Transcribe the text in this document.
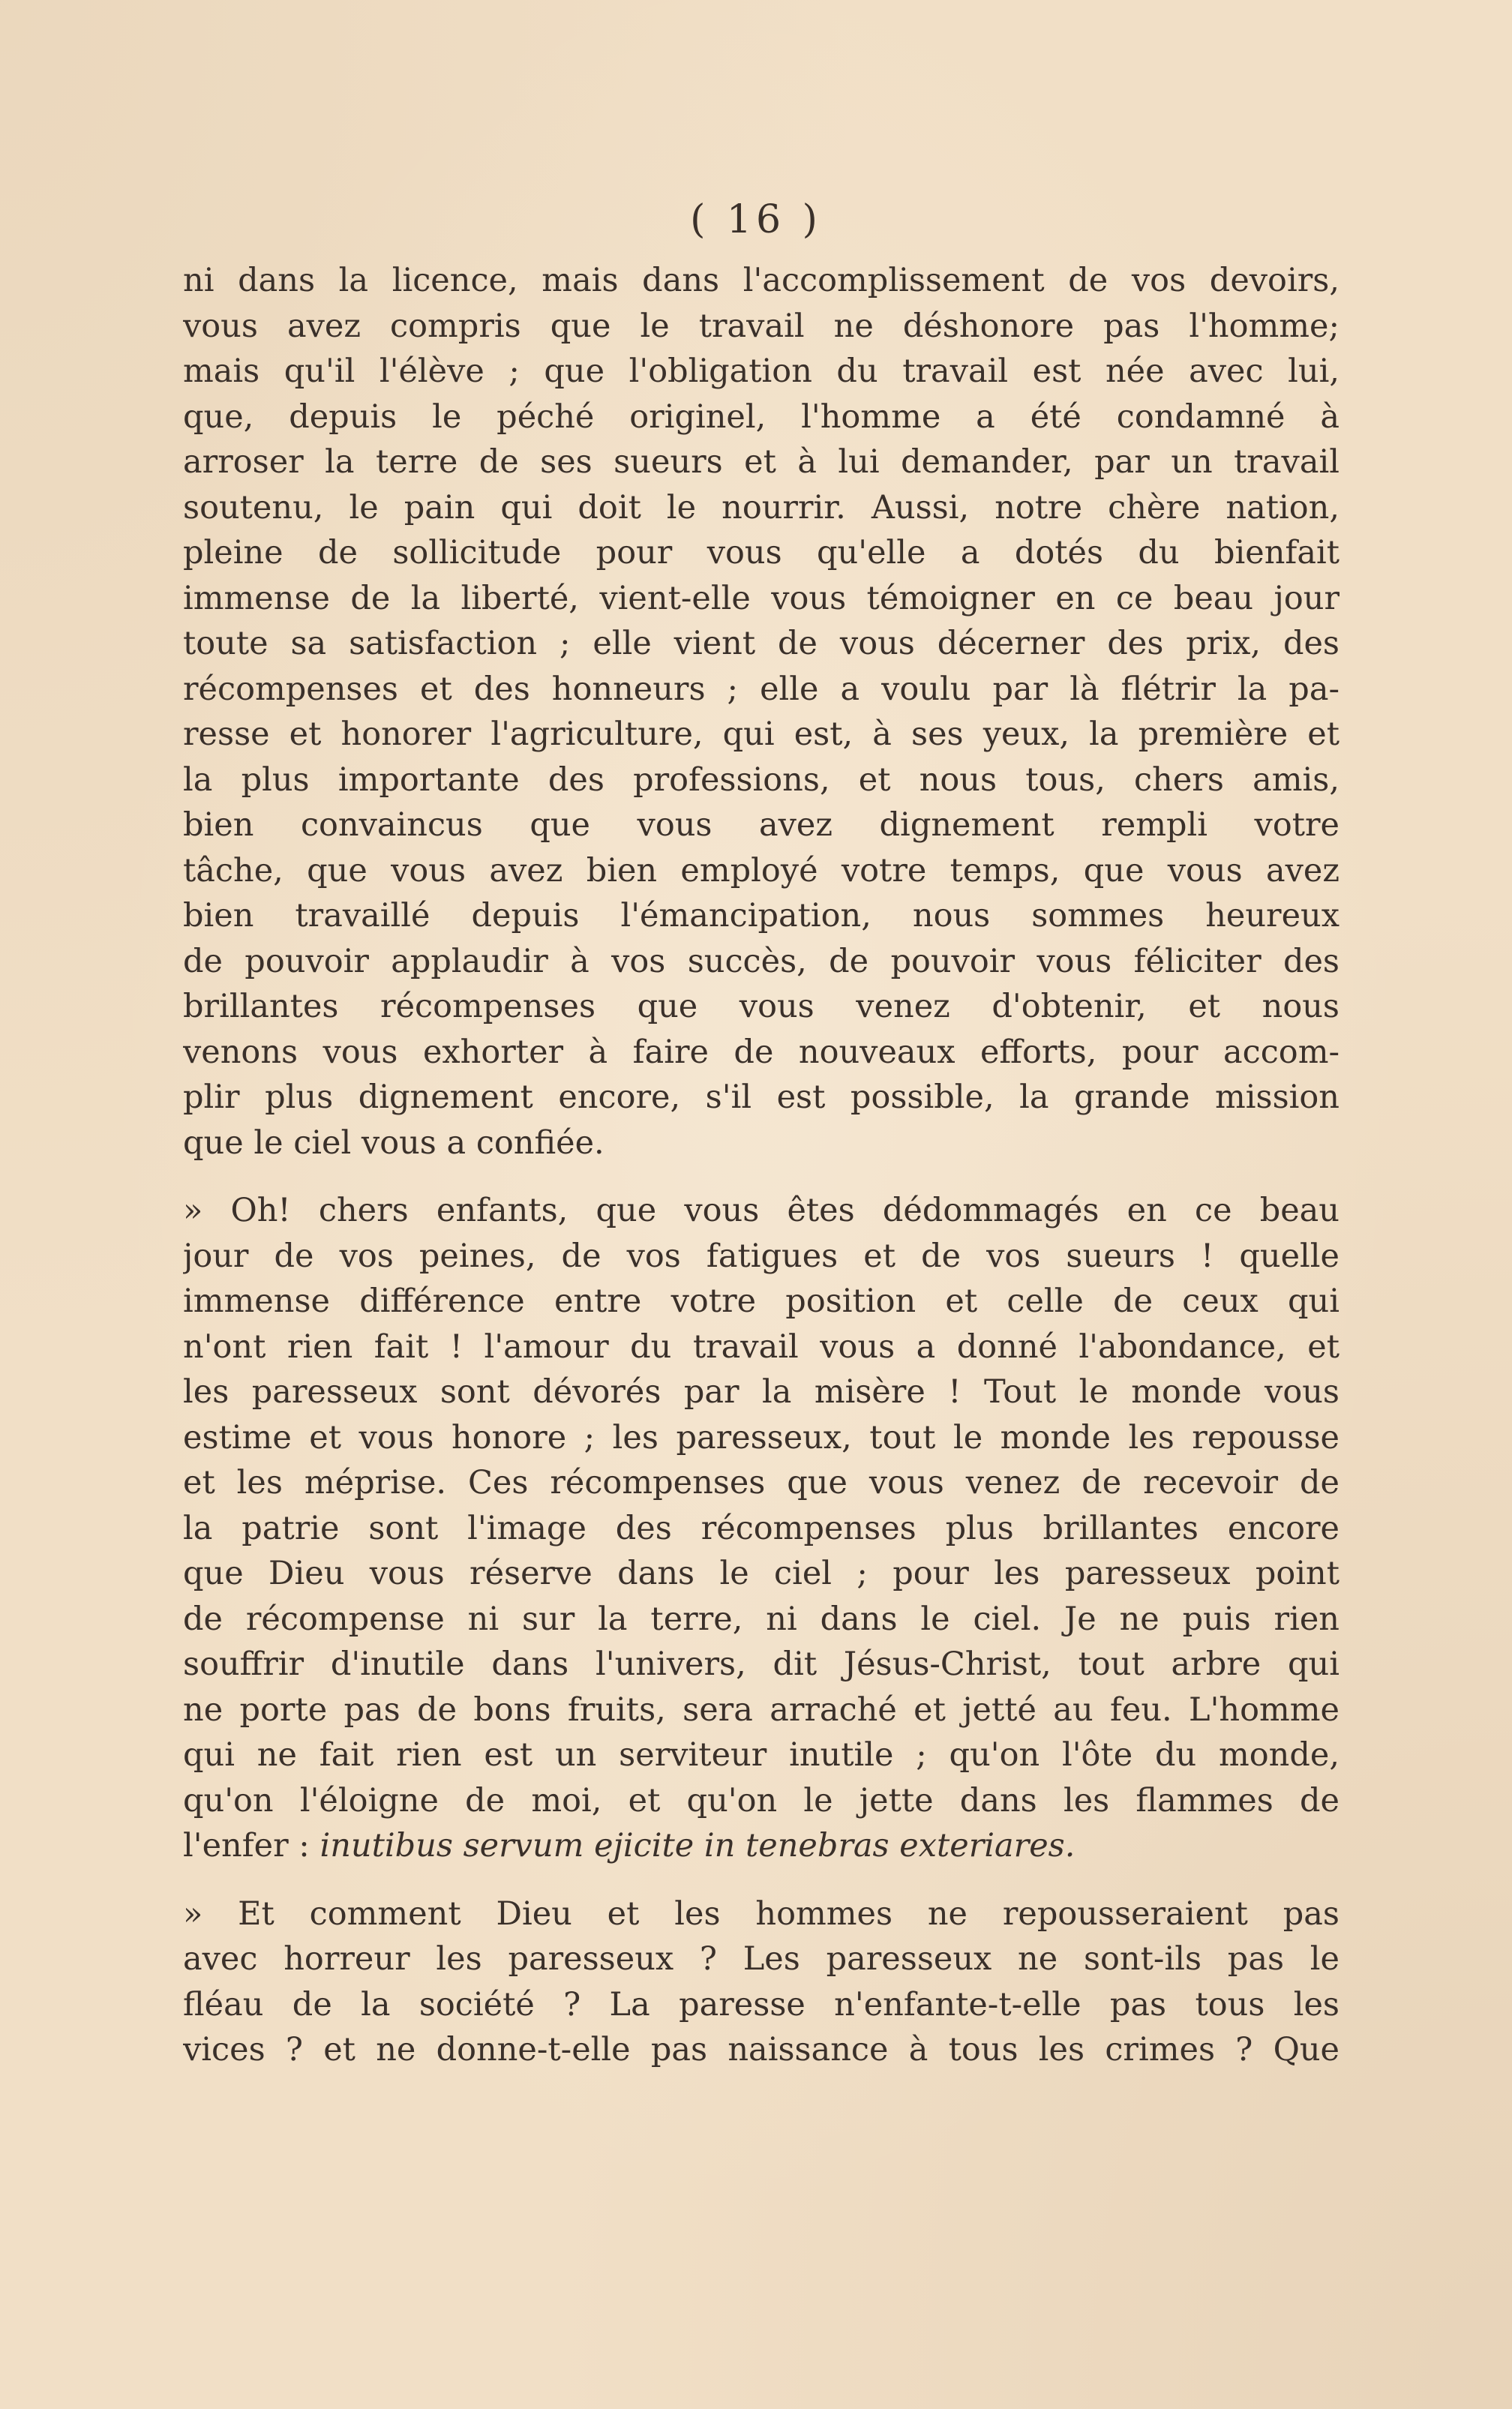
( 16 )
ni dans la licence, mais dans l'accomplissement de vos devoirs,
vous avez compris que le travail ne déshonore pas l'homme;
mais qu'il l'élève ; que l'obligation du travail est née avec lui,
que, depuis le péché originel, l'homme a été condamné à
arroser la terre de ses sueurs et à lui demander, par un travail
soutenu, le pain qui doit le nourrir. Aussi, notre chère nation,
pleine de sollicitude pour vous qu'elle a dotés du bienfait
immense de la liberté, vient-elle vous témoigner en ce beau jour
toute sa satisfaction ; elle vient de vous décerner des prix, des
récompenses et des honneurs ; elle a voulu par là flétrir la pa-
resse et honorer l'agriculture, qui est, à ses yeux, la première et
la plus importante des professions, et nous tous, chers amis,
bien convaincus que vous avez dignement rempli votre
tâche, que vous avez bien employé votre temps, que vous avez
bien travaillé depuis l'émancipation, nous sommes heureux
de pouvoir applaudir à vos succès, de pouvoir vous féliciter des
brillantes récompenses que vous venez d'obtenir, et nous
venons vous exhorter à faire de nouveaux efforts, pour accom-
plir plus dignement encore, s'il est possible, la grande mission
que le ciel vous a confiée.
» Oh! chers enfants, que vous êtes dédommagés en ce beau
jour de vos peines, de vos fatigues et de vos sueurs ! quelle
immense différence entre votre position et celle de ceux qui
n'ont rien fait ! l'amour du travail vous a donné l'abondance, et
les paresseux sont dévorés par la misère ! Tout le monde vous
estime et vous honore ; les paresseux, tout le monde les repousse
et les méprise. Ces récompenses que vous venez de recevoir de
la patrie sont l'image des récompenses plus brillantes encore
que Dieu vous réserve dans le ciel ; pour les paresseux point
de récompense ni sur la terre, ni dans le ciel. Je ne puis rien
souffrir d'inutile dans l'univers, dit Jésus-Christ, tout arbre qui
ne porte pas de bons fruits, sera arraché et jetté au feu. L'homme
qui ne fait rien est un serviteur inutile ; qu'on l'ôte du monde,
qu'on l'éloigne de moi, et qu'on le jette dans les flammes de
l'enfer : inutibus servum ejicite in tenebras exteriares.
» Et comment Dieu et les hommes ne repousseraient pas
avec horreur les paresseux ? Les paresseux ne sont-ils pas le
fléau de la société ? La paresse n'enfante-t-elle pas tous les
vices ? et ne donne-t-elle pas naissance à tous les crimes ? Que
